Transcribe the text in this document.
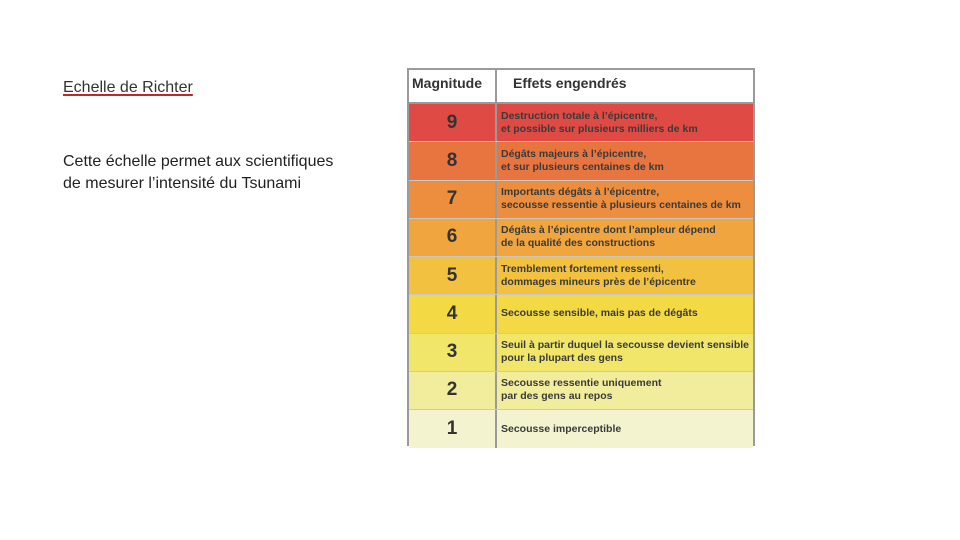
Echelle de Richter
Cette échelle permet aux scientifiques
de mesurer l’intensité du Tsunami
Magnitude	Effets engendrés
9	Destruction totale à l’épicentre,
et possible sur plusieurs milliers de km
8	Dégâts majeurs à l’épicentre,
et sur plusieurs centaines de km
7	Importants dégâts à l’épicentre,
secousse ressentie à plusieurs centaines de km
6	Dégâts à l’épicentre dont l’ampleur dépend
de la qualité des constructions
5	Tremblement fortement ressenti,
dommages mineurs près de l’épicentre
4	Secousse sensible, mais pas de dégâts
3	Seuil à partir duquel la secousse devient sensible
pour la plupart des gens
2	Secousse ressentie uniquement
par des gens au repos
1	Secousse imperceptible
